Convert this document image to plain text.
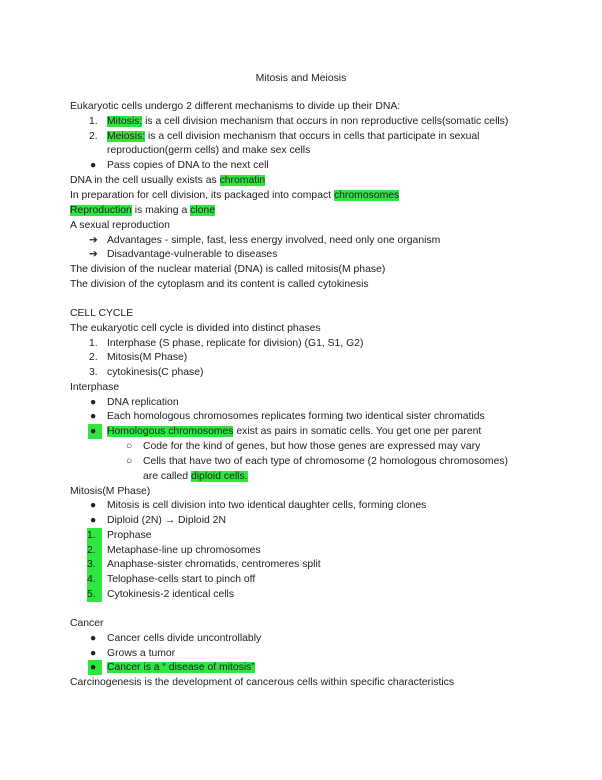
Mitosis and Meiosis
Eukaryotic cells undergo 2 different mechanisms to divide up their DNA:
1. Mitosis: is a cell division mechanism that occurs in non reproductive cells(somatic cells)
2. Meiosis: is a cell division mechanism that occurs in cells that participate in sexual
reproduction(germ cells) and make sex cells
● Pass copies of DNA to the next cell
DNA in the cell usually exists as chromatin
In preparation for cell division, its packaged into compact chromosomes
Reproduction is making a clone
A sexual reproduction
➔ Advantages - simple, fast, less energy involved, need only one organism
➔ Disadvantage-vulnerable to diseases
The division of the nuclear material (DNA) is called mitosis(M phase)
The division of the cytoplasm and its content is called cytokinesis
CELL CYCLE
The eukaryotic cell cycle is divided into distinct phases
1. Interphase (S phase, replicate for division) (G1, S1, G2)
2. Mitosis(M Phase)
3. cytokinesis(C phase)
Interphase
● DNA replication
● Each homologous chromosomes replicates forming two identical sister chromatids
●	Homologous chromosomes exist as pairs in somatic cells. You get one per parent
○ Code for the kind of genes, but how those genes are expressed may vary
○ Cells that have two of each type of chromosome (2 homologous chromosomes)
are called diploid cells.
Mitosis(M Phase)
● Mitosis is cell division into two identical daughter cells, forming clones
● Diploid (2N) → Diploid 2N
1.	Prophase
2.	Metaphase-line up chromosomes
3.	Anaphase-sister chromatids, centromeres split
4.	Telophase-cells start to pinch off
5.	Cytokinesis-2 identical cells
Cancer
● Cancer cells divide uncontrollably
● Grows a tumor
●	Cancer is a “ disease of mitosis”
Carcinogenesis is the development of cancerous cells within specific characteristics
